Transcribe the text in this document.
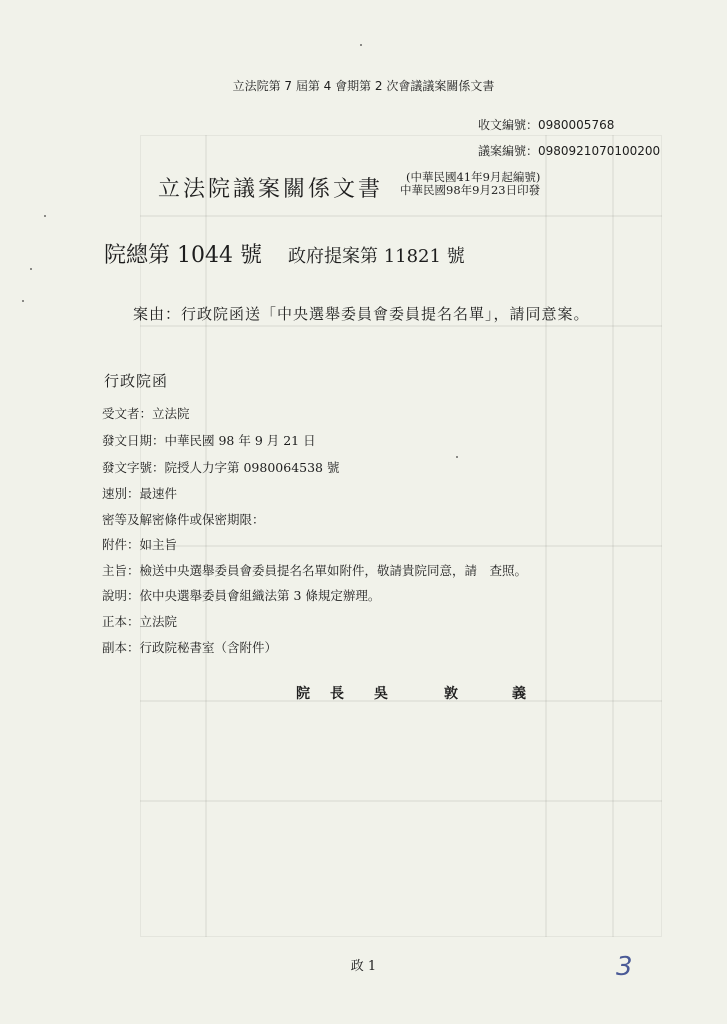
立法院第 7 屆第 4 會期第 2 次會議議案關係文書
收文編號：0980005768
議案編號：0980921070100200
立法院議案關係文書 (中華民國41年9月起編號)
中華民國98年9月23日印發
院總第 1044 號 政府提案第 11821 號
案由：行政院函送「中央選舉委員會委員提名名單」，請同意案。
行政院函
受文者：立法院
發文日期：中華民國 98 年 9 月 21 日
發文字號：院授人力字第 0980064538 號
速別：最速件
密等及解密條件或保密期限：
附件：如主旨
主旨：檢送中央選舉委員會委員提名名單如附件，敬請貴院同意，請　查照。
說明：依中央選舉委員會組織法第 3 條規定辦理。
正本：立法院
副本：行政院秘書室（含附件）
院 長 吳	敦	義
政 1	3
